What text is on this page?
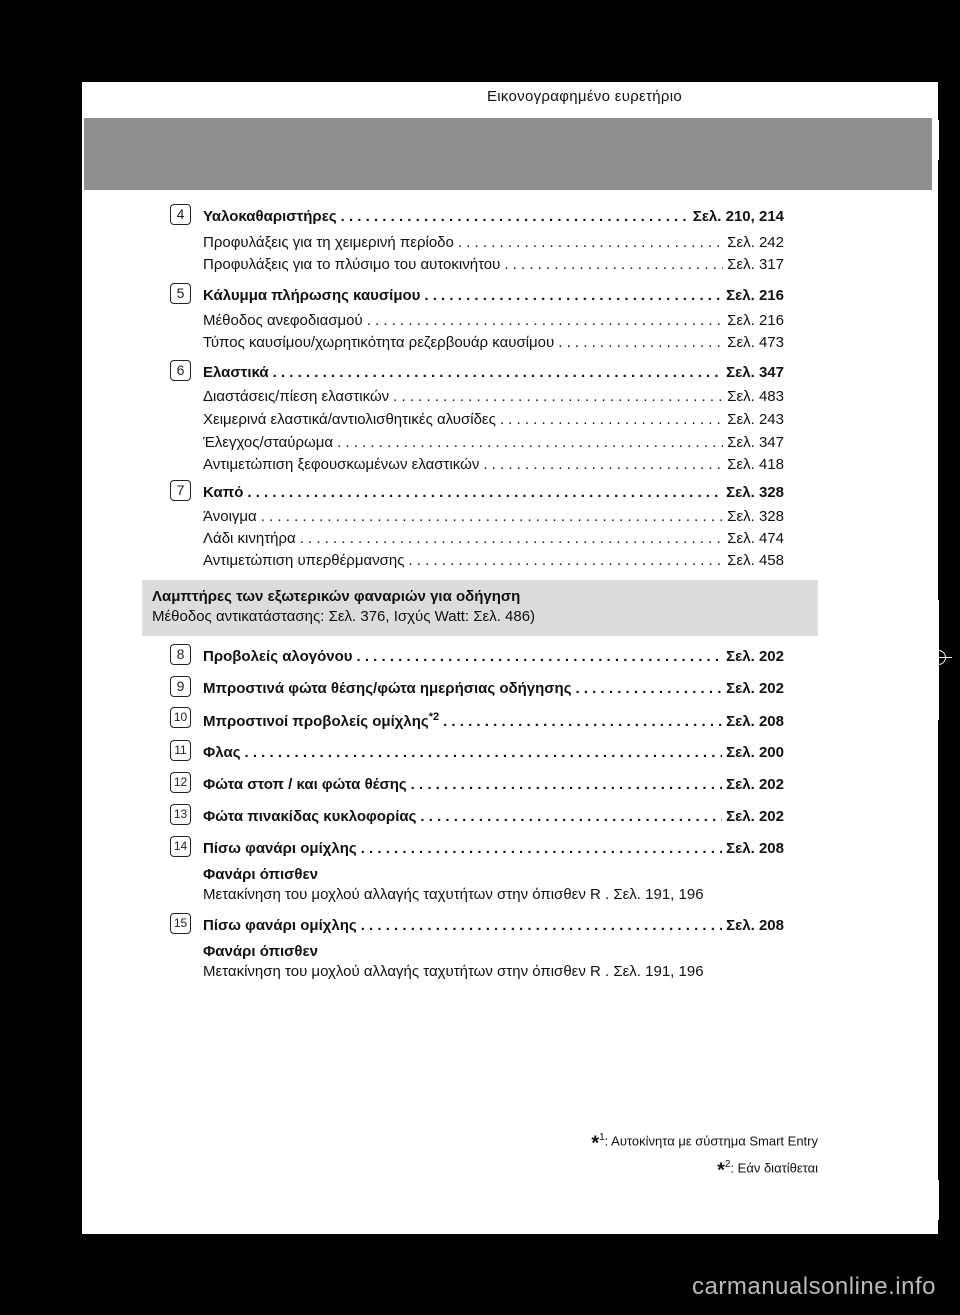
Εικονογραφημένο ευρετήριο
4	Υαλοκαθαριστήρες . . .	Σελ. 210, 214
Προφυλάξεις για τη χειμερινή περίοδο . . .	Σελ. 242
Προφυλάξεις για το πλύσιμο του αυτοκινήτου . . .	Σελ. 317
5	Κάλυμμα πλήρωσης καυσίμου . . .	Σελ. 216
Μέθοδος ανεφοδιασμού . . .	Σελ. 216
Τύπος καυσίμου/χωρητικότητα ρεζερβουάρ καυσίμου . . .	Σελ. 473
6	Ελαστικά . . .	Σελ. 347
Διαστάσεις/πίεση ελαστικών . . .	Σελ. 483
Χειμερινά ελαστικά/αντιολισθητικές αλυσίδες . . .	Σελ. 243
Έλεγχος/σταύρωμα . . .	Σελ. 347
Αντιμετώπιση ξεφουσκωμένων ελαστικών . . .	Σελ. 418
7	Καπό . . .	Σελ. 328
Άνοιγμα . . .	Σελ. 328
Λάδι κινητήρα . . .	Σελ. 474
Αντιμετώπιση υπερθέρμανσης . . .	Σελ. 458
Λαμπτήρες των εξωτερικών φαναριών για οδήγηση
Μέθοδος αντικατάστασης: Σελ. 376, Ισχύς Watt: Σελ. 486)
8	Προβολείς αλογόνου . . .	Σελ. 202
9	Μπροστινά φώτα θέσης/φώτα ημερήσιας οδήγησης . . .	Σελ. 202
10 Μπροστινοί προβολείς ομίχλης$^{*2}$ . . .	Σελ. 208
11 Φλας . . .	Σελ. 200
12 Φώτα στοπ / και φώτα θέσης . . .	Σελ. 202
13 Φώτα πινακίδας κυκλοφορίας . . .	Σελ. 202
14 Πίσω φανάρι ομίχλης . . .	Σελ. 208
Φανάρι όπισθεν
Μετακίνηση του μοχλού αλλαγής ταχυτήτων στην όπισθεν R . Σελ. 191, 196
15 Πίσω φανάρι ομίχλης . . .	Σελ. 208
Φανάρι όπισθεν
Μετακίνηση του μοχλού αλλαγής ταχυτήτων στην όπισθεν R . Σελ. 191, 196
*$^1$: Αυτοκίνητα με σύστημα Smart Entry
*$^2$: Εάν διατίθεται
carmanualsonline.info
